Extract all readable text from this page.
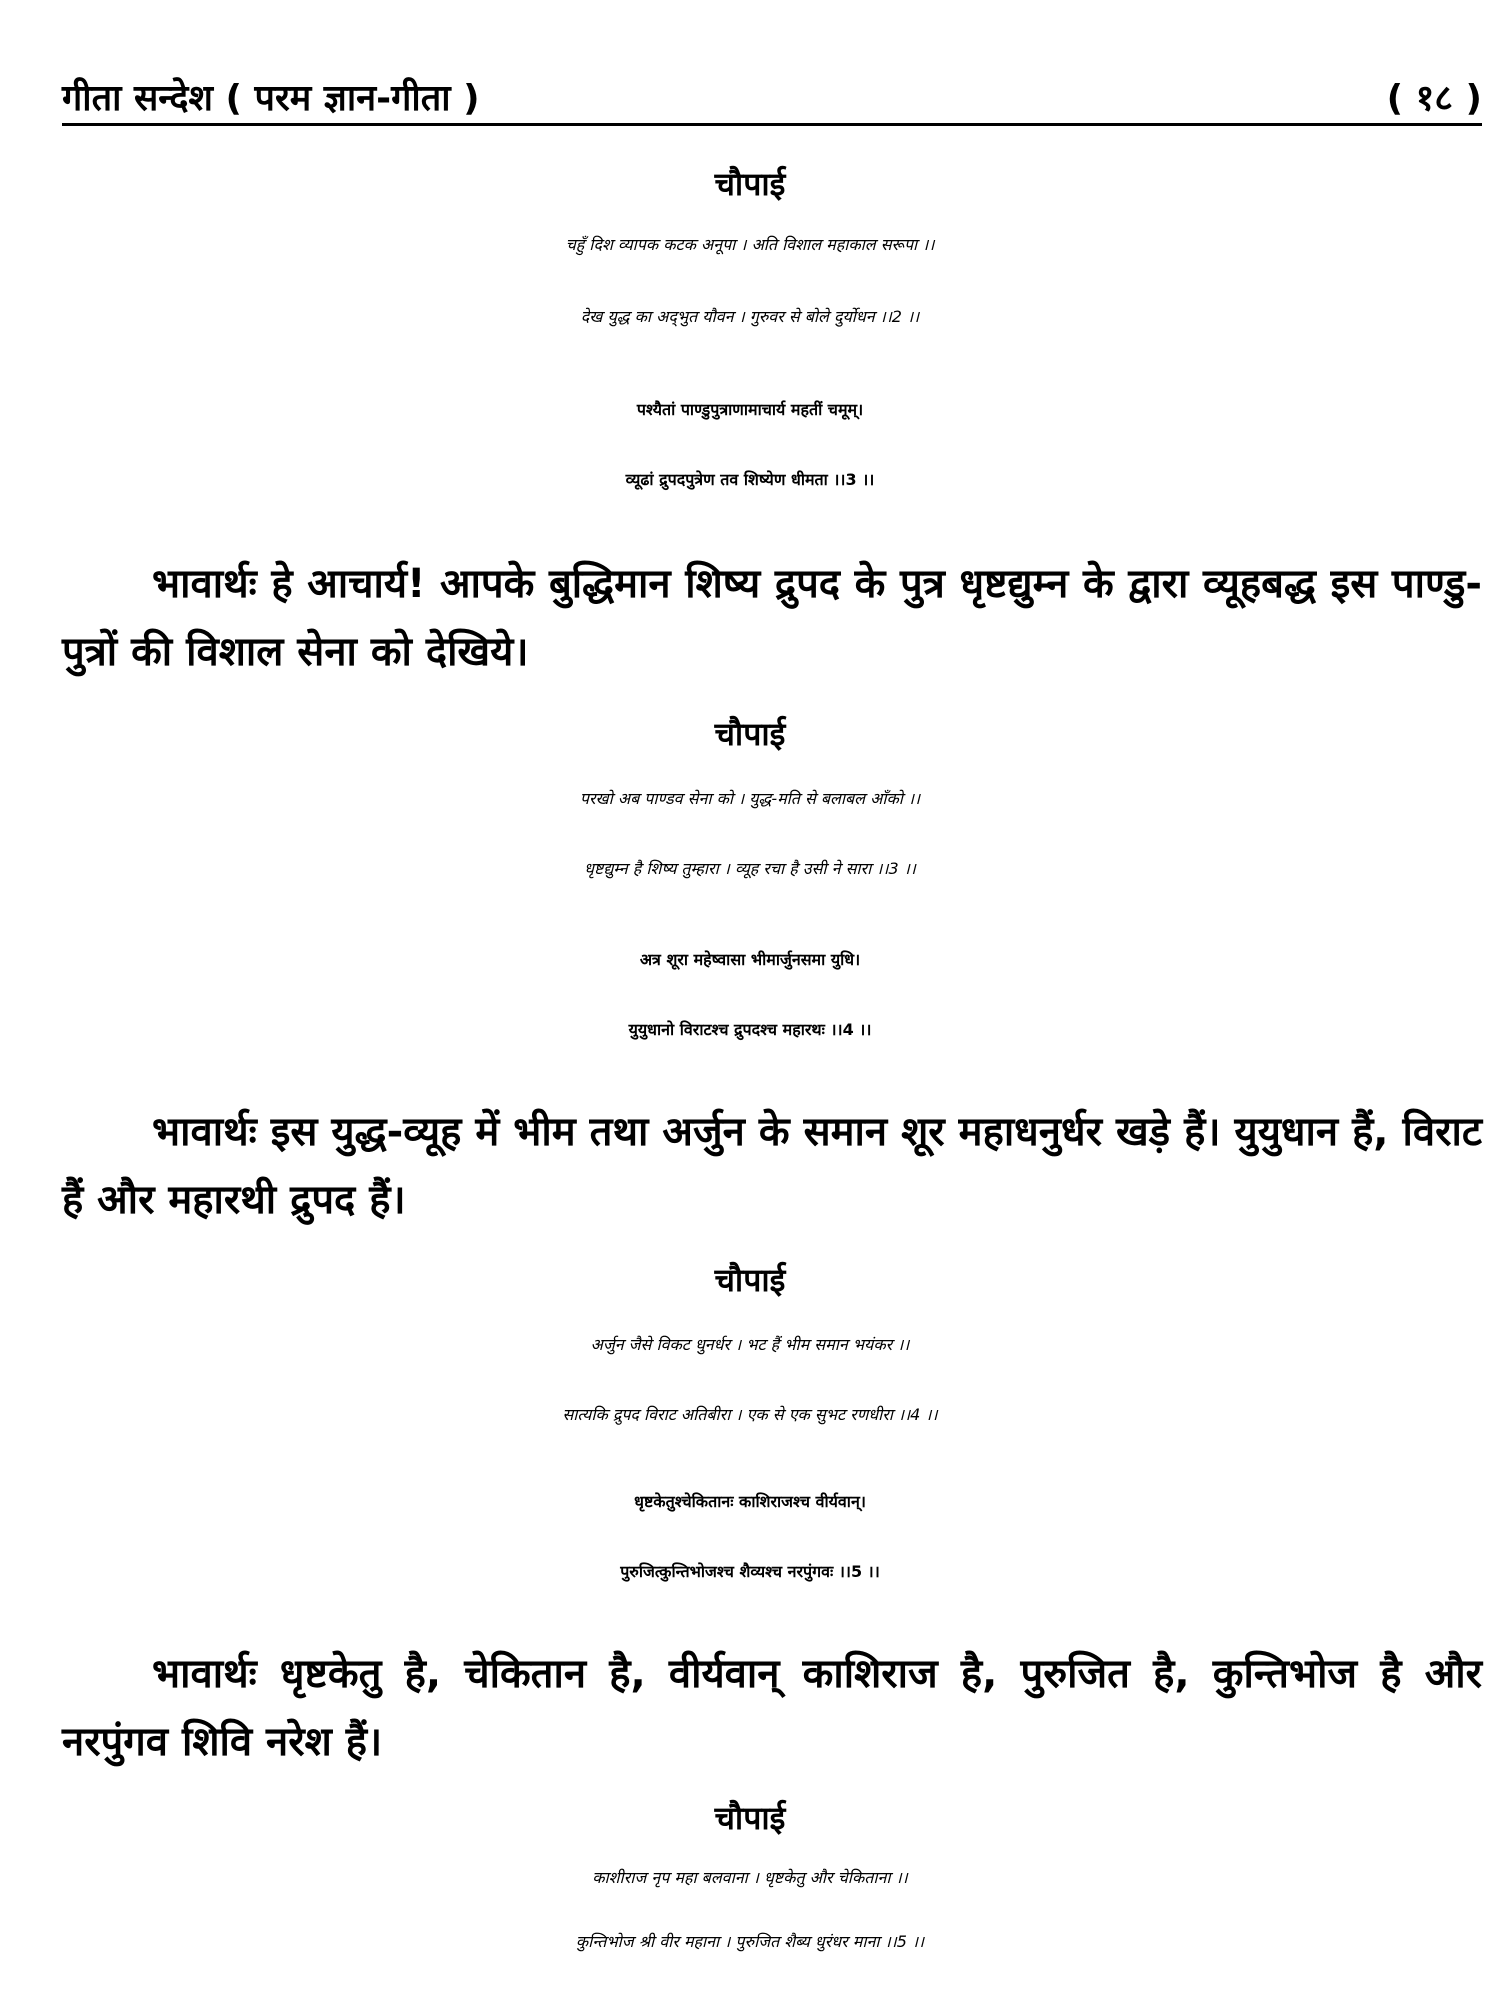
गीता सन्देश ( परम ज्ञान-गीता )	( १८ )
चौपाई
चहुँ दिश व्यापक कटक अनूपा । अति विशाल महाकाल सरूपा ।।
देख युद्ध का अद्‌भुत यौवन । गुरुवर से बोले दुर्योधन ।।2 ।।
पश्यैतां पाण्डुपुत्राणामाचार्य महतीं चमूम्।
व्यूढां द्रुपदपुत्रेण तव शिष्येण धीमता ।।3 ।।
भावार्थः हे आचार्य! आपके बुद्धिमान शिष्य द्रुपद के पुत्र धृष्टद्युम्न के द्वारा व्यूहबद्ध इस पाण्डु-पुत्रों की विशाल सेना को देखिये।
चौपाई
परखो अब पाण्डव सेना को । युद्ध-मति से बलाबल आँको ।।
धृष्टद्युम्न है शिष्य तुम्हारा । व्यूह रचा है उसी ने सारा ।।3 ।।
अत्र शूरा महेष्वासा भीमार्जुनसमा युधि।
युयुधानो विराटश्च द्रुपदश्च महारथः ।।4 ।।
भावार्थः इस युद्ध-व्यूह में भीम तथा अर्जुन के समान शूर महाधनुर्धर खड़े हैं। युयुधान हैं, विराट हैं और महारथी द्रुपद हैं।
चौपाई
अर्जुन जैसे विकट धुनर्धर । भट हैं भीम समान भयंकर ।।
सात्यकि द्रुपद विराट अतिबीरा । एक से एक सुभट रणधीरा ।।4 ।।
धृष्टकेतुश्चेकितानः काशिराजश्च वीर्यवान्।
पुरुजित्कुन्तिभोजश्च शैव्यश्च नरपुंगवः ।।5 ।।
भावार्थः धृष्टकेतु है, चेकितान है, वीर्यवान् काशिराज है, पुरुजित है, कुन्तिभोज है और नरपुंगव शिवि नरेश हैं।
चौपाई
काशीराज नृप महा बलवाना । धृष्टकेतु और चेकिताना ।।
कुन्तिभोज श्री वीर महाना । पुरुजित शैब्य धुरंधर माना ।।5 ।।
